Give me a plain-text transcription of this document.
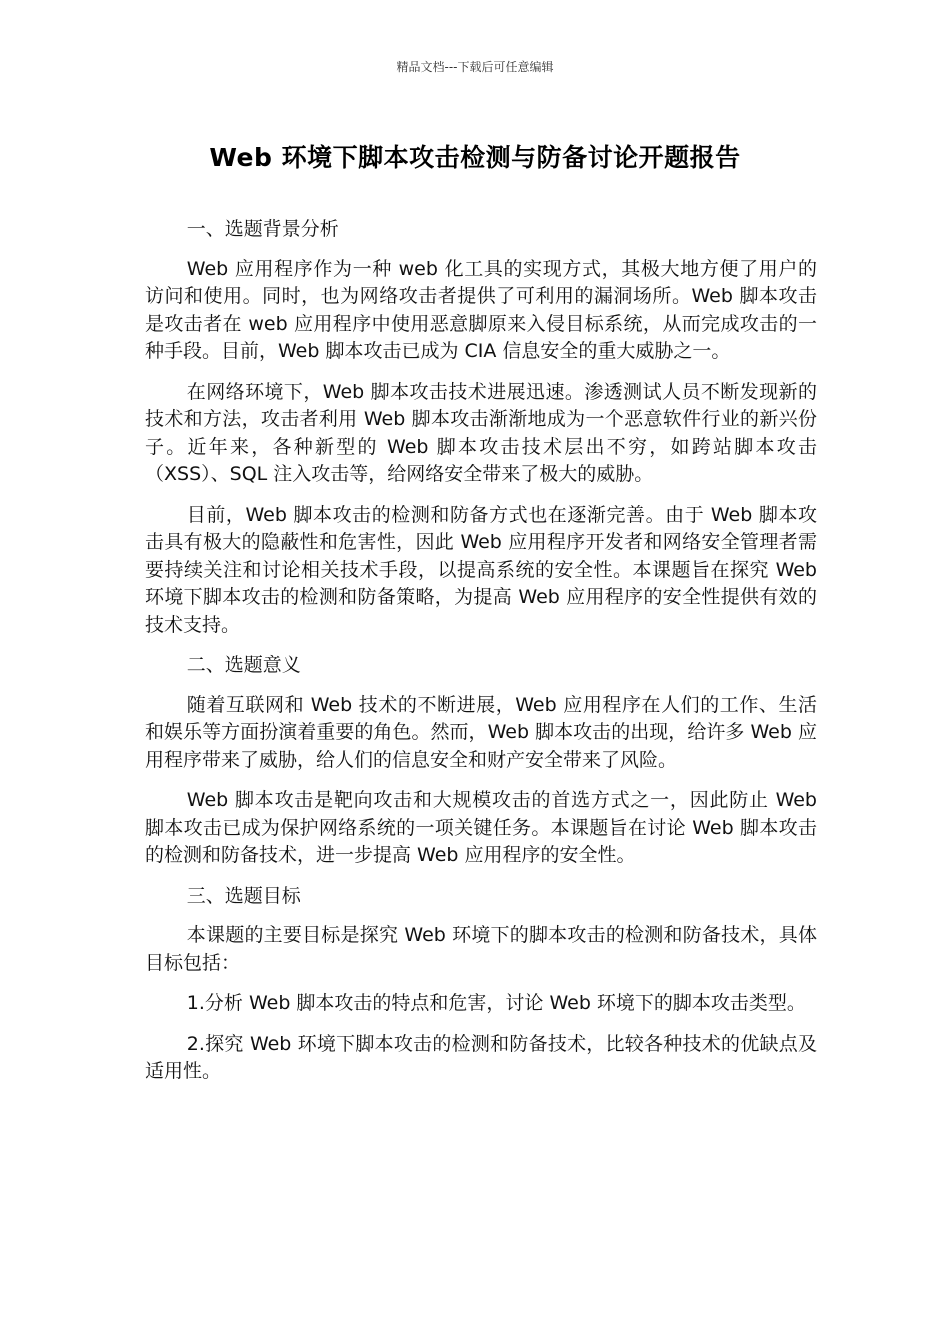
精品文档---下载后可任意编辑
Web 环境下脚本攻击检测与防备讨论开题报告

一、选题背景分析

Web 应用程序作为一种 web 化工具的实现方式，其极大地方便了用户的访问和使用。同时，也为网络攻击者提供了可利用的漏洞场所。Web 脚本攻击是攻击者在 web 应用程序中使用恶意脚原来入侵目标系统，从而完成攻击的一种手段。目前，Web 脚本攻击已成为 CIA 信息安全的重大威胁之一。

在网络环境下，Web 脚本攻击技术进展迅速。渗透测试人员不断发现新的技术和方法，攻击者利用 Web 脚本攻击渐渐地成为一个恶意软件行业的新兴份子。近年来，各种新型的 Web 脚本攻击技术层出不穷，如跨站脚本攻击（XSS）、SQL 注入攻击等，给网络安全带来了极大的威胁。

目前，Web 脚本攻击的检测和防备方式也在逐渐完善。由于 Web 脚本攻击具有极大的隐蔽性和危害性，因此 Web 应用程序开发者和网络安全管理者需要持续关注和讨论相关技术手段，以提高系统的安全性。本课题旨在探究 Web 环境下脚本攻击的检测和防备策略，为提高 Web 应用程序的安全性提供有效的技术支持。

二、选题意义

随着互联网和 Web 技术的不断进展，Web 应用程序在人们的工作、生活和娱乐等方面扮演着重要的角色。然而，Web 脚本攻击的出现，给许多 Web 应用程序带来了威胁，给人们的信息安全和财产安全带来了风险。

Web 脚本攻击是靶向攻击和大规模攻击的首选方式之一，因此防止 Web 脚本攻击已成为保护网络系统的一项关键任务。本课题旨在讨论 Web 脚本攻击的检测和防备技术，进一步提高 Web 应用程序的安全性。

三、选题目标

本课题的主要目标是探究 Web 环境下的脚本攻击的检测和防备技术，具体目标包括：

1.分析 Web 脚本攻击的特点和危害，讨论 Web 环境下的脚本攻击类型。

2.探究 Web 环境下脚本攻击的检测和防备技术，比较各种技术的优缺点及适用性。
